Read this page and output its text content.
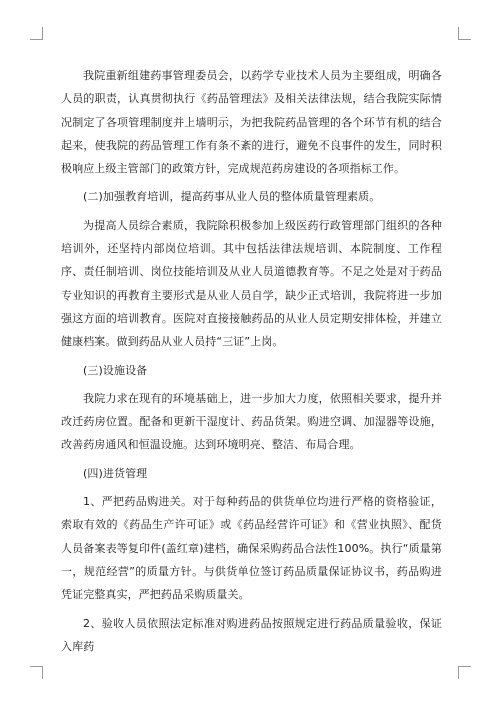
我院重新组建药事管理委员会，以药学专业技术人员为主要组成，明确各人员的职责，认真贯彻执行《药品管理法》及相关法律法规，结合我院实际情况制定了各项管理制度并上墙明示，为把我院药品管理的各个环节有机的结合起来，使我院的药品管理工作有条不紊的进行，避免不良事件的发生，同时积极响应上级主管部门的政策方针，完成规范药房建设的各项指标工作。

(二)加强教育培训，提高药事从业人员的整体质量管理素质。

为提高人员综合素质，我院除积极参加上级医药行政管理部门组织的各种培训外，还坚持内部岗位培训。其中包括法律法规培训、本院制度、工作程序、责任制培训、岗位技能培训及从业人员道德教育等。不足之处是对于药品专业知识的再教育主要形式是从业人员自学，缺少正式培训，我院将进一步加强这方面的培训教育。医院对直接接触药品的从业人员定期安排体检，并建立健康档案。做到药品从业人员持“三证”上岗。

(三)设施设备

我院力求在现有的环境基础上，进一步加大力度，依照相关要求，提升并改迁药房位置。配备和更新干湿度计、药品货架。购进空调、加湿器等设施，改善药房通风和恒温设施。达到环境明亮、整洁、布局合理。

(四)进货管理

1、严把药品购进关。对于每种药品的供货单位均进行严格的资格验证，索取有效的《药品生产许可证》或《药品经营许可证》和《营业执照》、配货人员备案表等复印件(盖红章)建档，确保采购药品合法性100%。执行“质量第一，规范经营”的质量方针。与供货单位签订药品质量保证协议书，药品购进凭证完整真实，严把药品采购质量关。

2、验收人员依照法定标准对购进药品按照规定进行药品质量验收，保证入库药
